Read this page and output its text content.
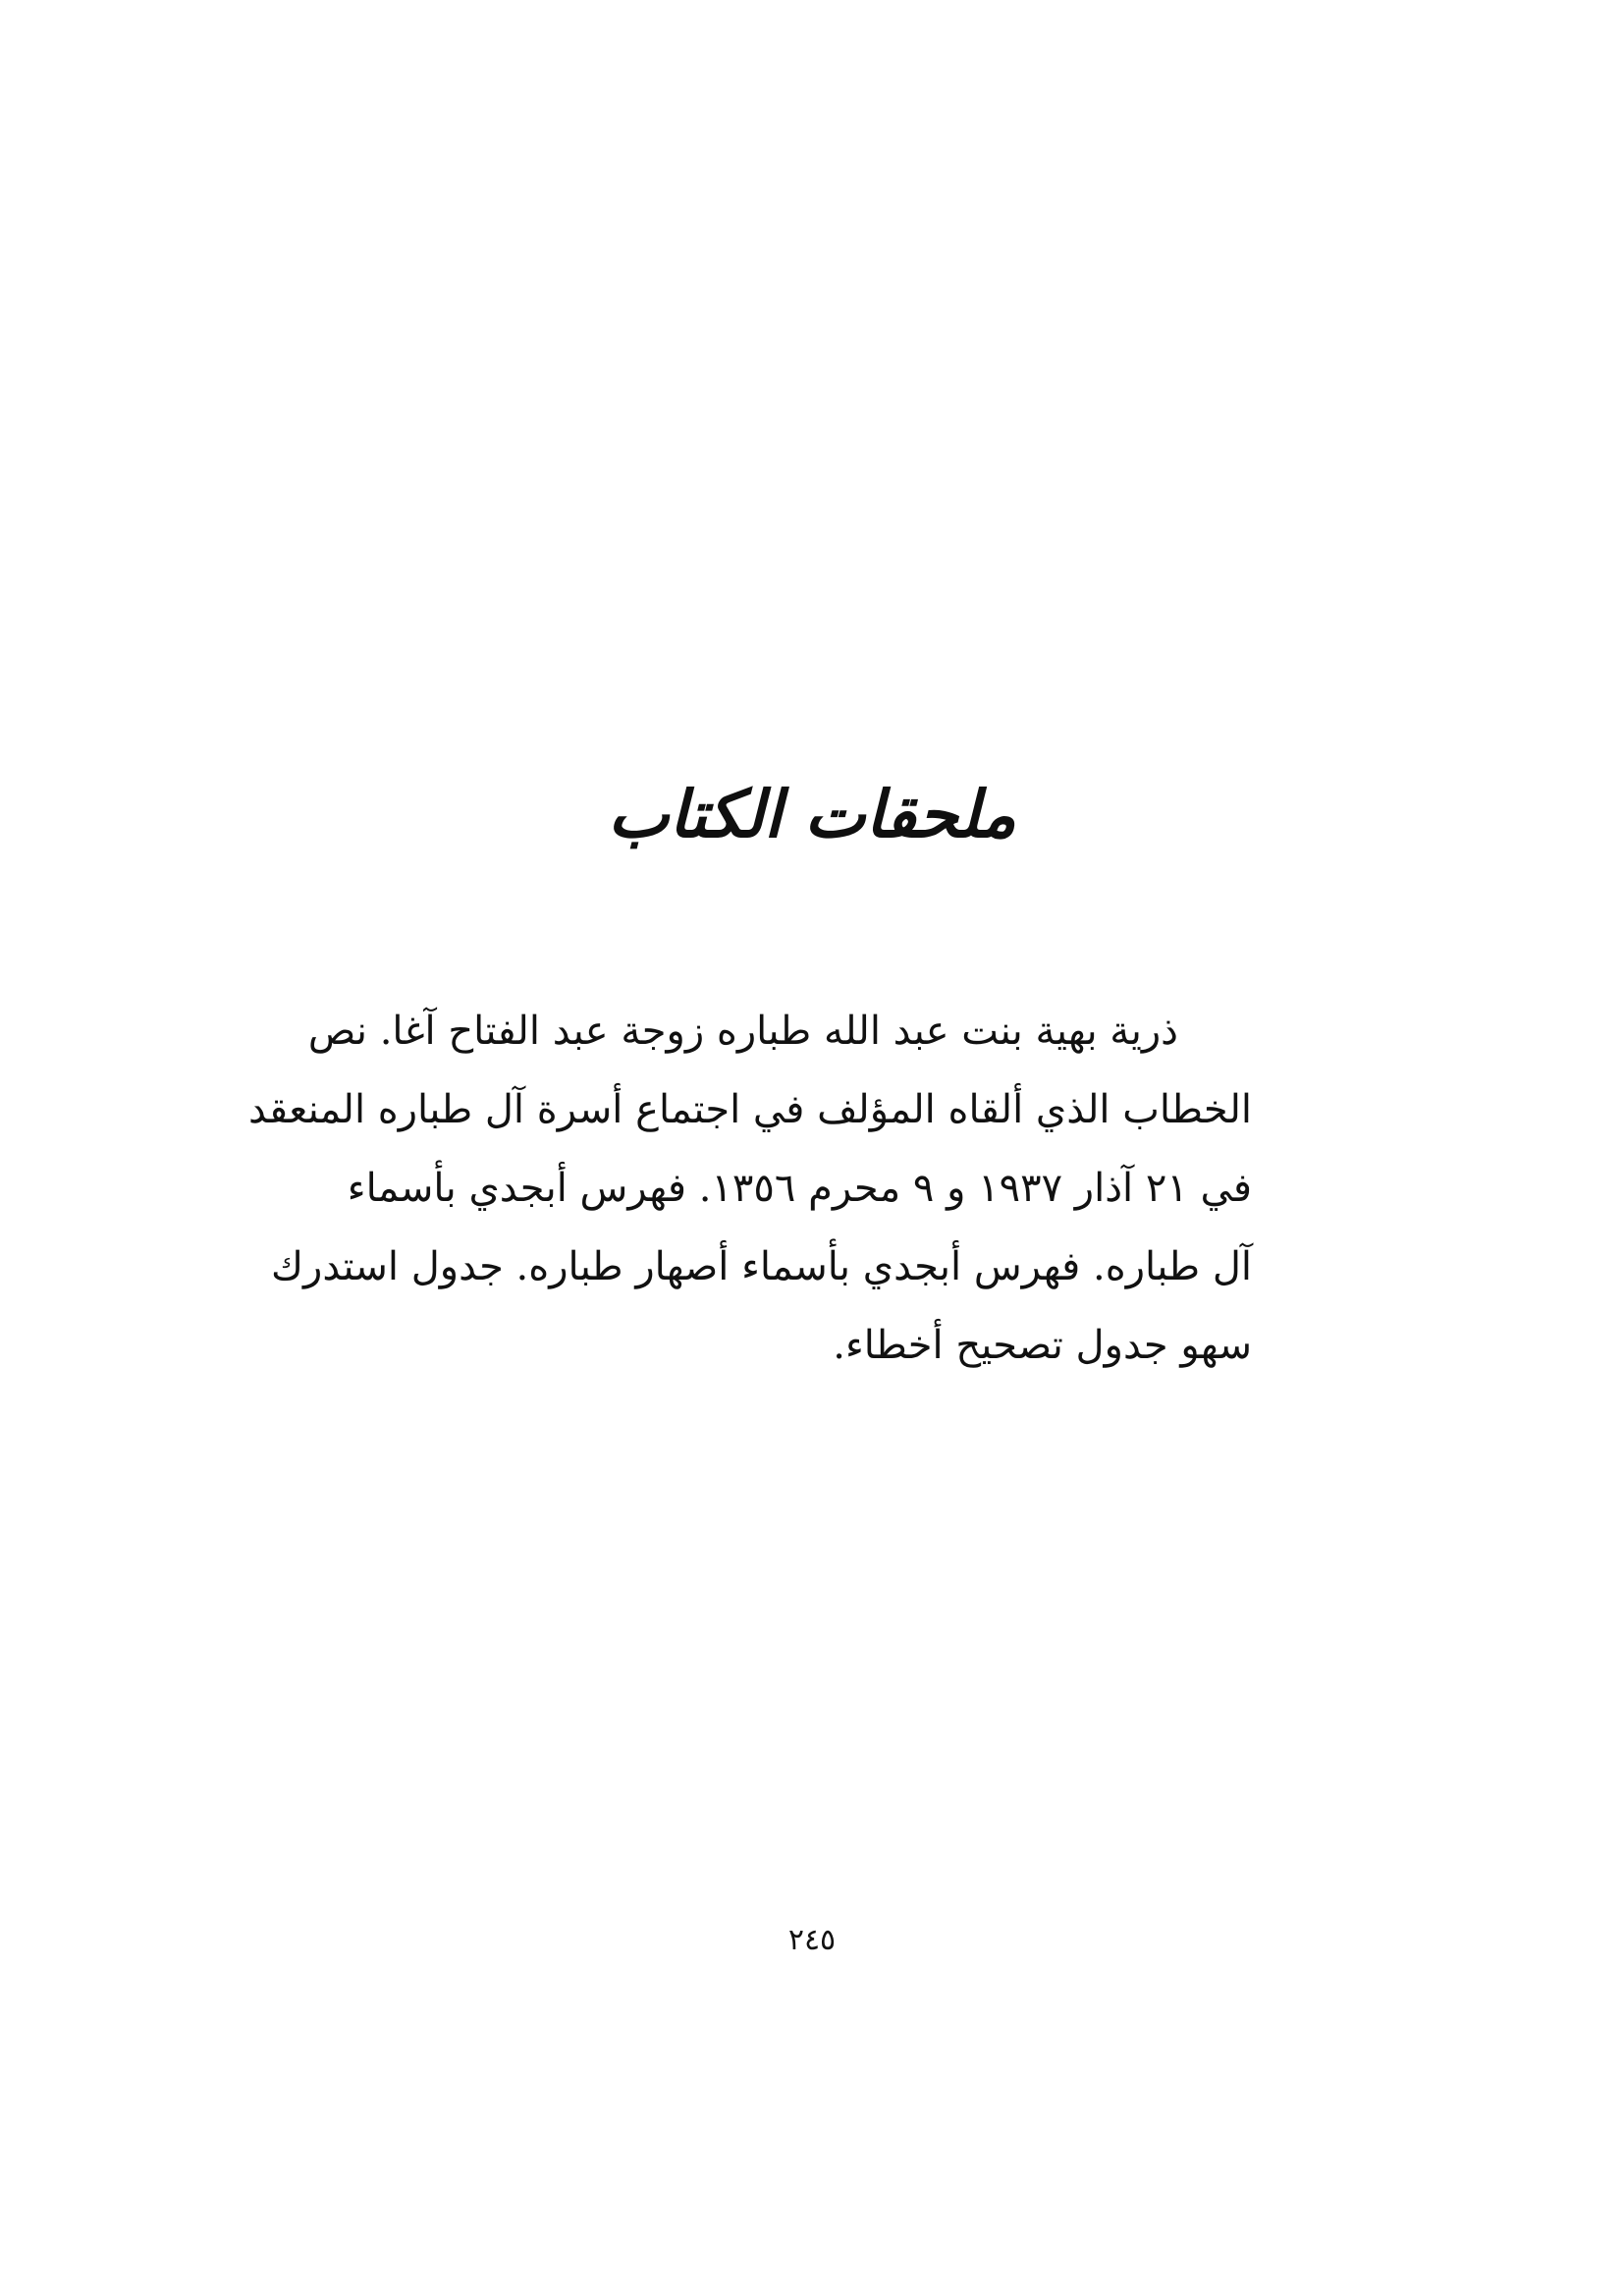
ملحقات الكتاب
ذرية بهية بنت عبد الله طباره زوجة عبد الفتاح آغا. نص
الخطاب الذي ألقاه المؤلف في اجتماع أسرة آل طباره المنعقد
في ٢١ آذار ١٩٣٧ و ٩ محرم ١٣٥٦. فهرس أبجدي بأسماء
آل طباره. فهرس أبجدي بأسماء أصهار طباره. جدول استدرك
سهو جدول تصحيح أخطاء.
٢٤٥
